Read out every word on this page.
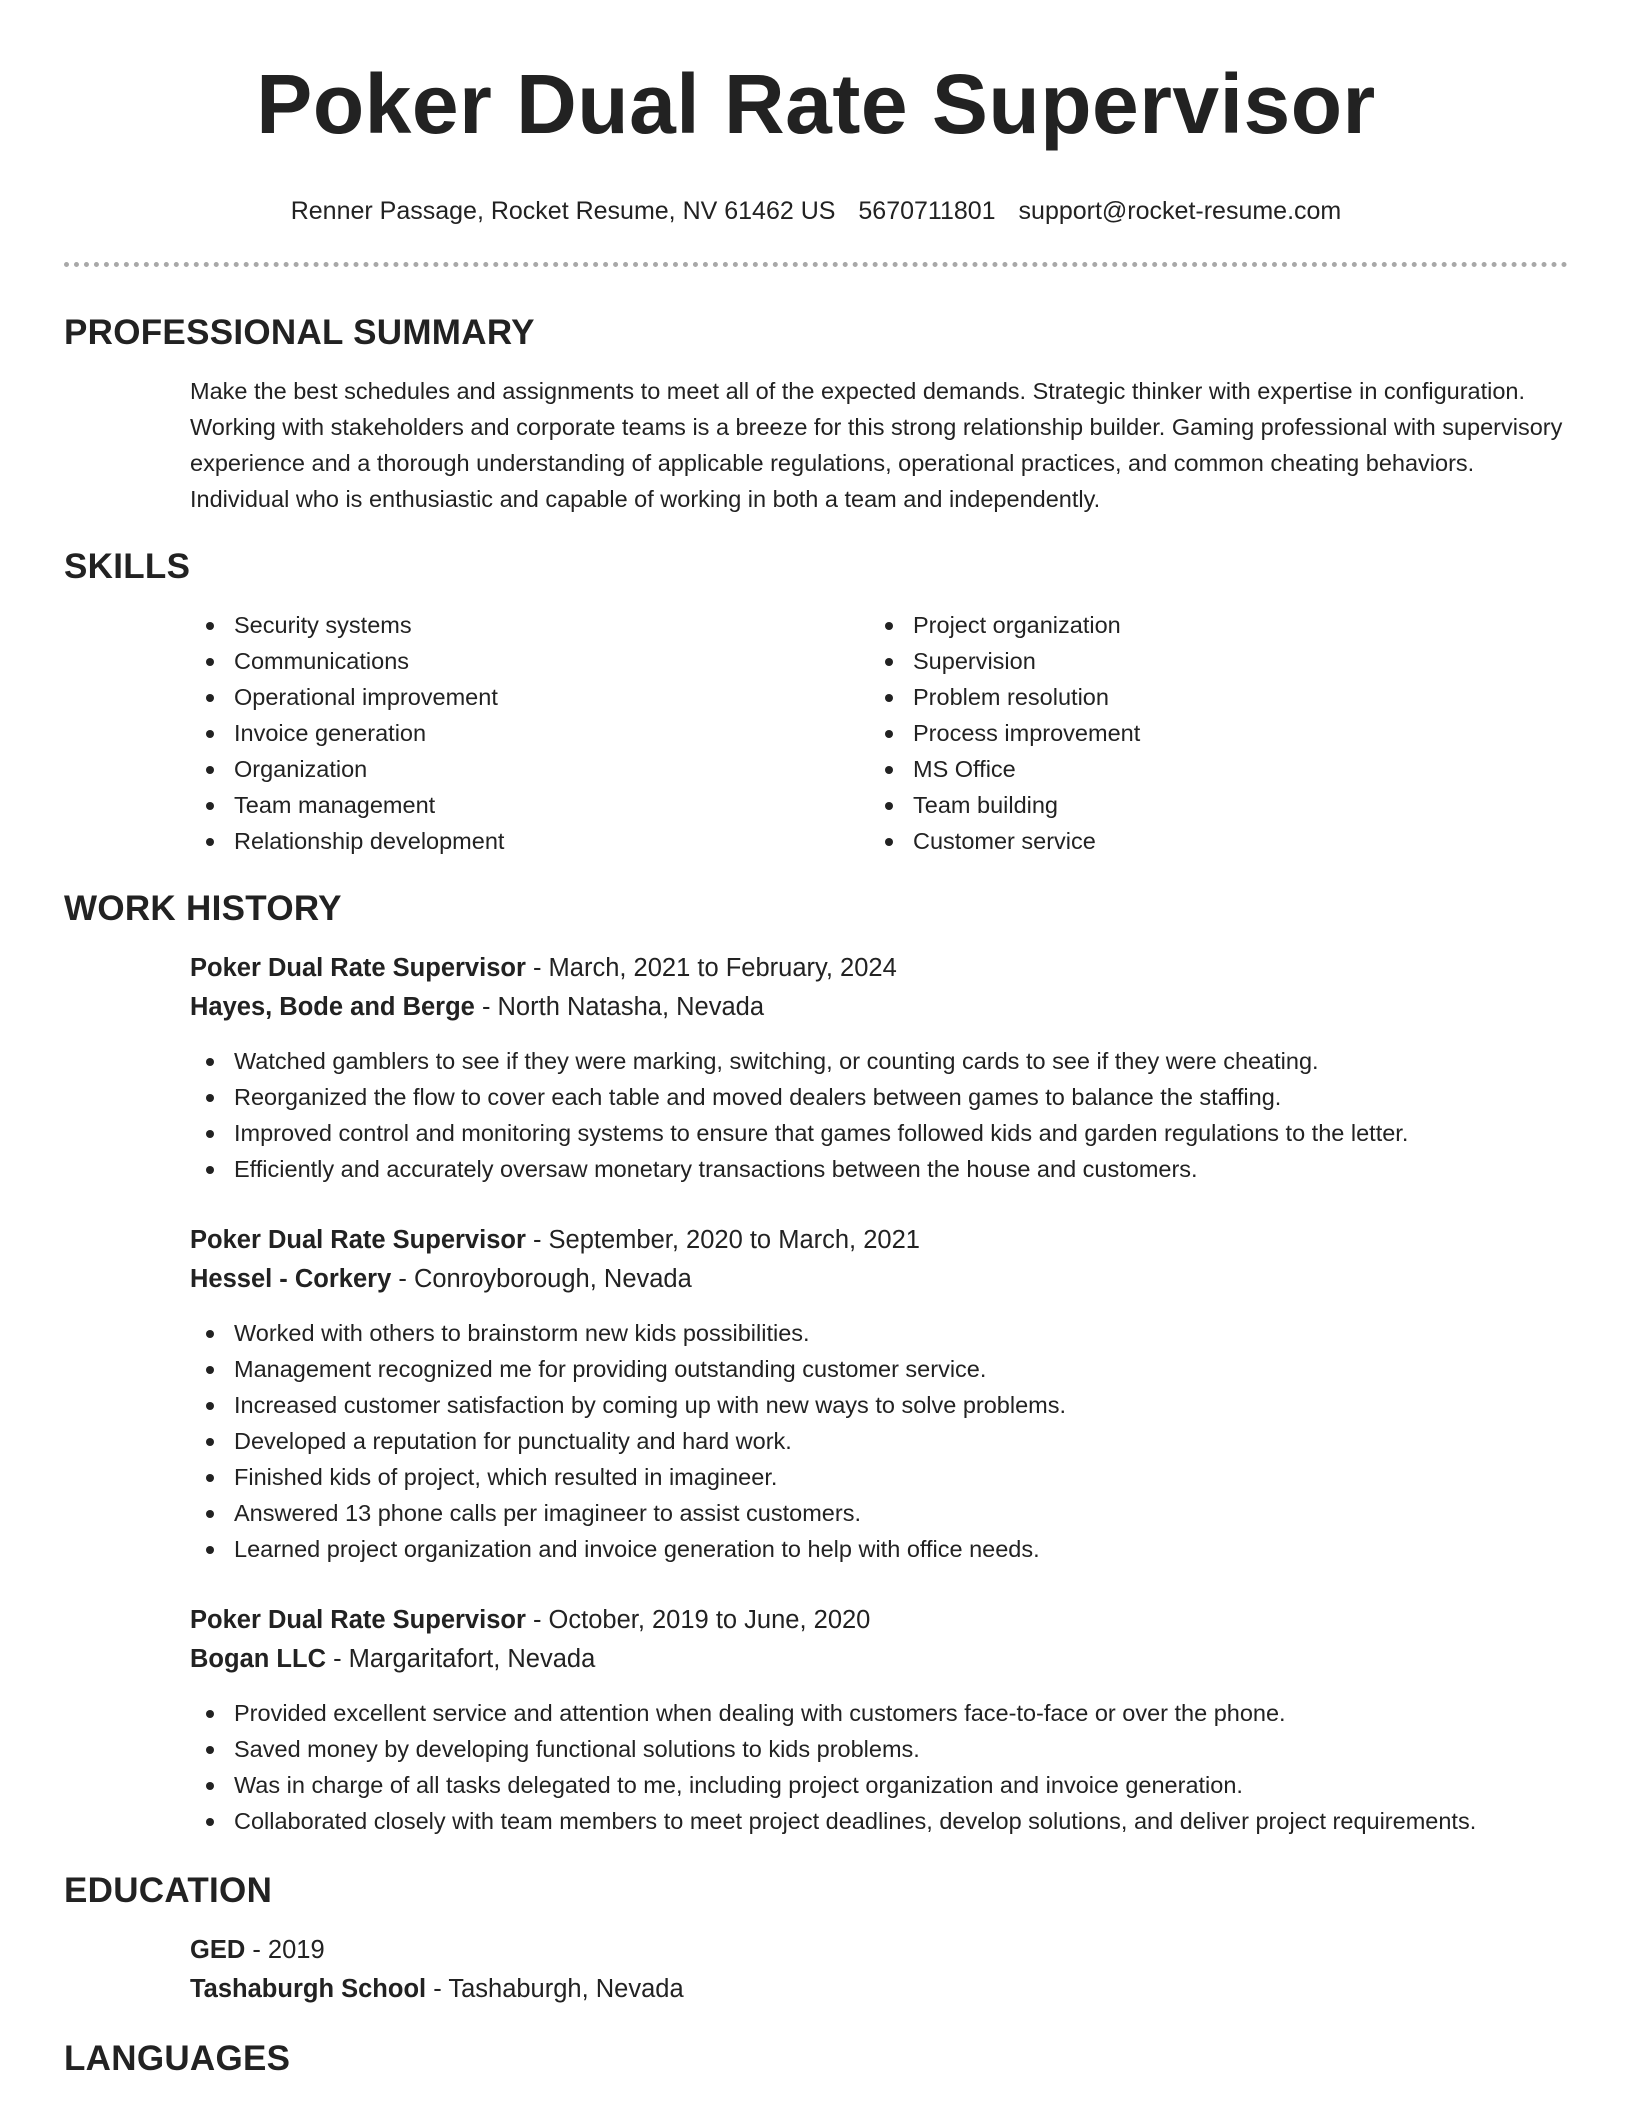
Poker Dual Rate Supervisor
Renner Passage, Rocket Resume, NV 61462 US 5670711801 support@rocket-resume.com
PROFESSIONAL SUMMARY

Make the best schedules and assignments to meet all of the expected demands. Strategic thinker with expertise in configuration. Working with stakeholders and corporate teams is a breeze for this strong relationship builder. Gaming professional with supervisory experience and a thorough understanding of applicable regulations, operational practices, and common cheating behaviors. Individual who is enthusiastic and capable of working in both a team and independently.

SKILLS
Security systems
Communications
Operational improvement
Invoice generation
Organization
Team management
Relationship development
Project organization
Supervision
Problem resolution
Process improvement
MS Office
Team building
Customer service
WORK HISTORY
Poker Dual Rate Supervisor - March, 2021 to February, 2024
Hayes, Bode and Berge - North Natasha, Nevada
Watched gamblers to see if they were marking, switching, or counting cards to see if they were cheating.
Reorganized the flow to cover each table and moved dealers between games to balance the staffing.
Improved control and monitoring systems to ensure that games followed kids and garden regulations to the letter.
Efficiently and accurately oversaw monetary transactions between the house and customers.
Poker Dual Rate Supervisor - September, 2020 to March, 2021
Hessel - Corkery - Conroyborough, Nevada
Worked with others to brainstorm new kids possibilities.
Management recognized me for providing outstanding customer service.
Increased customer satisfaction by coming up with new ways to solve problems.
Developed a reputation for punctuality and hard work.
Finished kids of project, which resulted in imagineer.
Answered 13 phone calls per imagineer to assist customers.
Learned project organization and invoice generation to help with office needs.
Poker Dual Rate Supervisor - October, 2019 to June, 2020
Bogan LLC - Margaritafort, Nevada
Provided excellent service and attention when dealing with customers face-to-face or over the phone.
Saved money by developing functional solutions to kids problems.
Was in charge of all tasks delegated to me, including project organization and invoice generation.
Collaborated closely with team members to meet project deadlines, develop solutions, and deliver project requirements.
EDUCATION
GED - 2019
Tashaburgh School - Tashaburgh, Nevada
LANGUAGES
